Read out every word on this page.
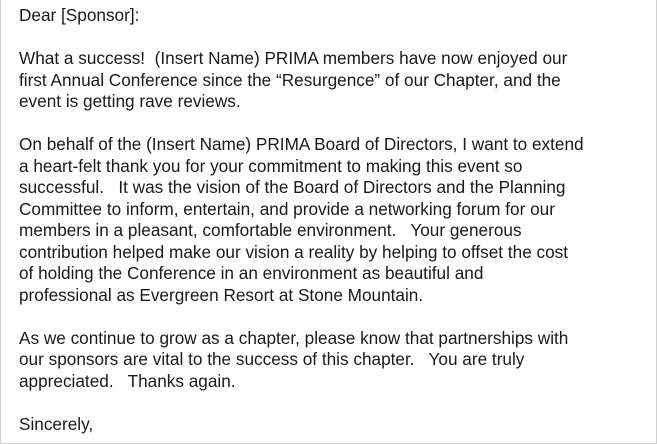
Dear [Sponsor]:
What a success!  (Insert Name) PRIMA members have now enjoyed our
first Annual Conference since the “Resurgence” of our Chapter, and the
event is getting rave reviews.
On behalf of the (Insert Name) PRIMA Board of Directors, I want to extend
a heart-felt thank you for your commitment to making this event so
successful.   It was the vision of the Board of Directors and the Planning
Committee to inform, entertain, and provide a networking forum for our
members in a pleasant, comfortable environment.   Your generous
contribution helped make our vision a reality by helping to offset the cost
of holding the Conference in an environment as beautiful and
professional as Evergreen Resort at Stone Mountain.
As we continue to grow as a chapter, please know that partnerships with
our sponsors are vital to the success of this chapter.   You are truly
appreciated.   Thanks again.
Sincerely,
